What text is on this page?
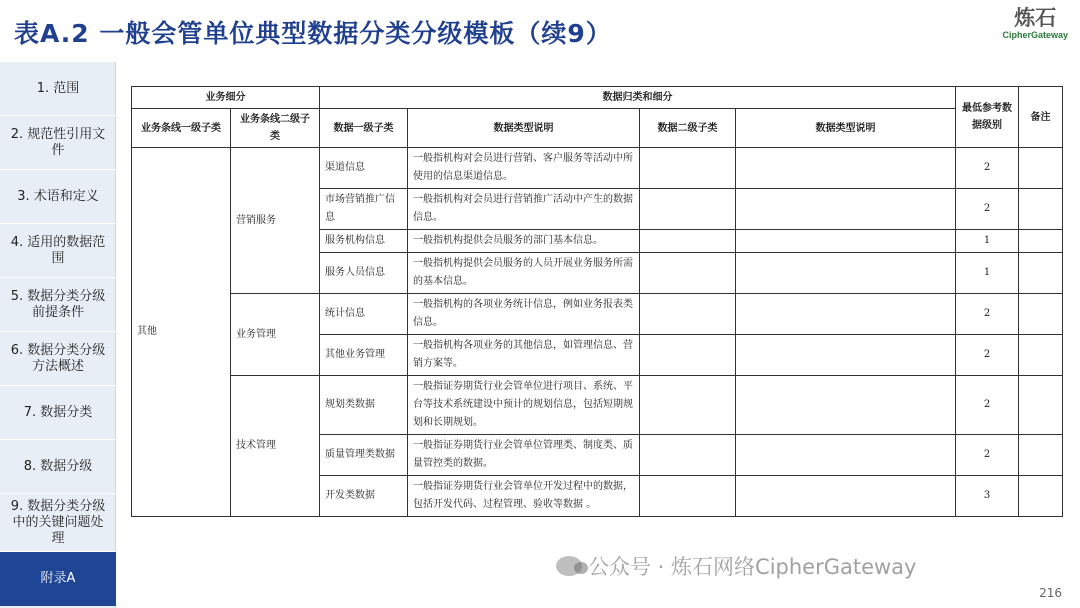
表A.2 一般会管单位典型数据分类分级模板（续9）
炼石
CipherGateway
1. 范围
2. 规范性引用文件
3. 术语和定义
4. 适用的数据范围
5. 数据分类分级前提条件
6. 数据分类分级方法概述
7. 数据分类
8. 数据分级
9. 数据分类分级中的关键问题处理
附录A
业务细分		数据归类和细分				最低参考数据级别	备注
业务条线一级子类	业务条线二级子类	数据一级子类	数据类型说明	数据二级子类	数据类型说明		
其他	营销服务	渠道信息	一般指机构对会员进行营销、客户服务等活动中所使用的信息渠道信息。			2	
		市场营销推广信息	一般指机构对会员进行营销推广活动中产生的数据信息。			2	
		服务机构信息	一般指机构提供会员服务的部门基本信息。			1	
		服务人员信息	一般指机构提供会员服务的人员开展业务服务所需的基本信息。			1	
	业务管理	统计信息	一般指机构的各项业务统计信息，例如业务报表类信息。			2	
		其他业务管理	一般指机构各项业务的其他信息，如管理信息、营销方案等。			2	
	技术管理	规划类数据	一般指证券期货行业会管单位进行项目、系统、平台等技术系统建设中预计的规划信息，包括短期规划和长期规划。			2	
		质量管理类数据	一般指证券期货行业会管单位管理类、制度类、质量管控类的数据。			2	
		开发类数据	一般指证券期货行业会管单位开发过程中的数据，包括开发代码、过程管理、验收等数据 。			3	
公众号 · 炼石网络CipherGateway
216
